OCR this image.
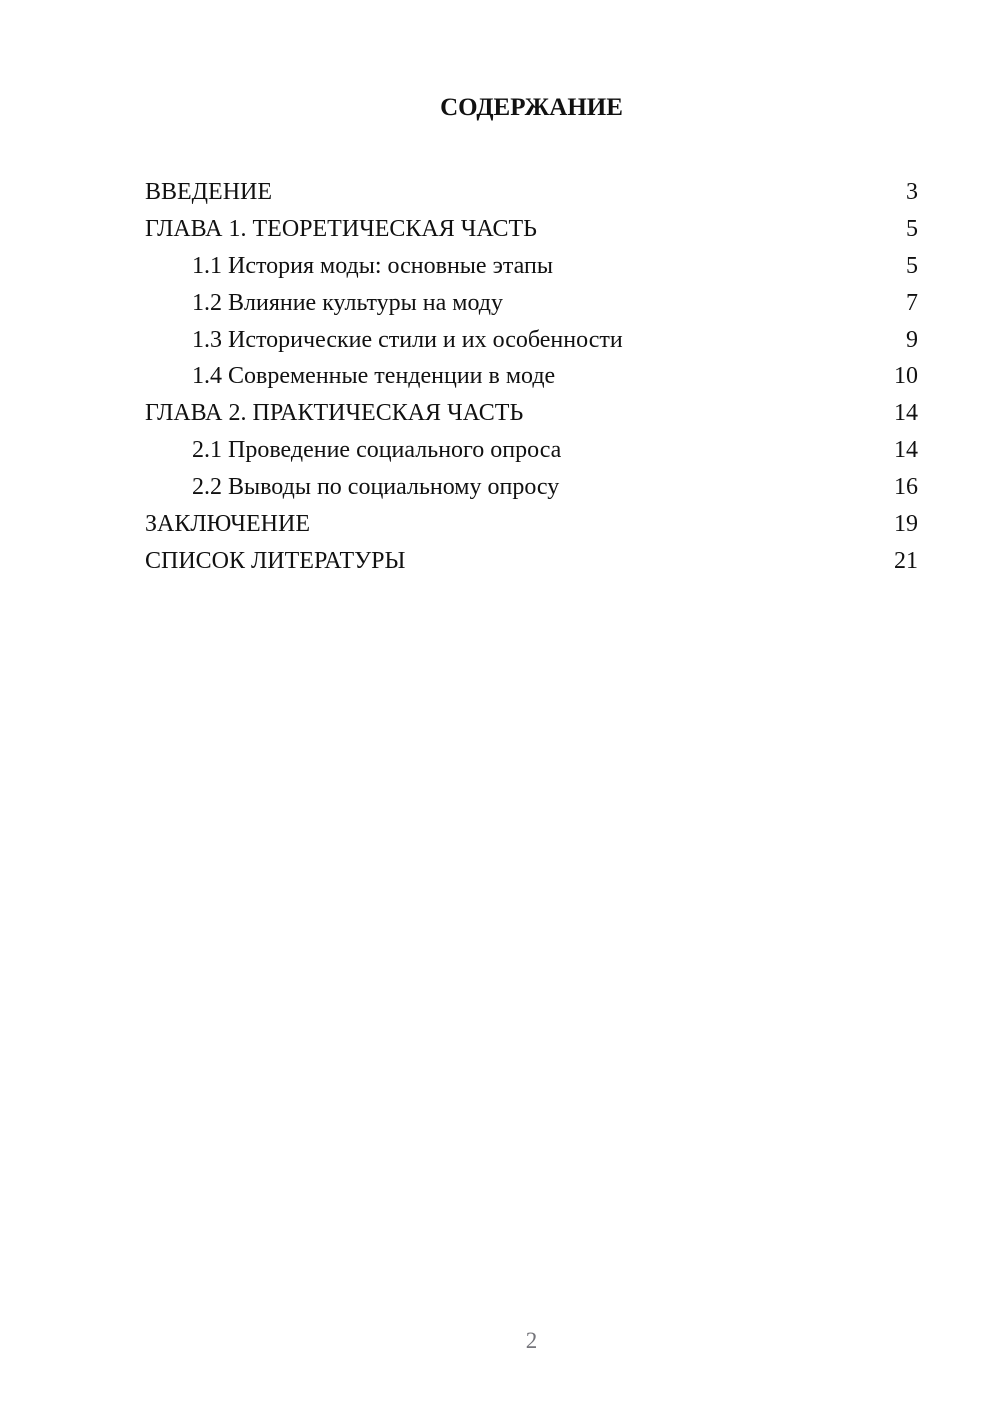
СОДЕРЖАНИЕ
ВВЕДЕНИЕ	3
ГЛАВА 1. ТЕОРЕТИЧЕСКАЯ ЧАСТЬ	5
1.1 История моды: основные этапы	5
1.2 Влияние культуры на моду	7
1.3 Исторические стили и их особенности	9
1.4 Современные тенденции в моде	10
ГЛАВА 2. ПРАКТИЧЕСКАЯ ЧАСТЬ	14
2.1 Проведение социального опроса	14
2.2 Выводы по социальному опросу	16
ЗАКЛЮЧЕНИЕ	19
СПИСОК ЛИТЕРАТУРЫ	21
2
